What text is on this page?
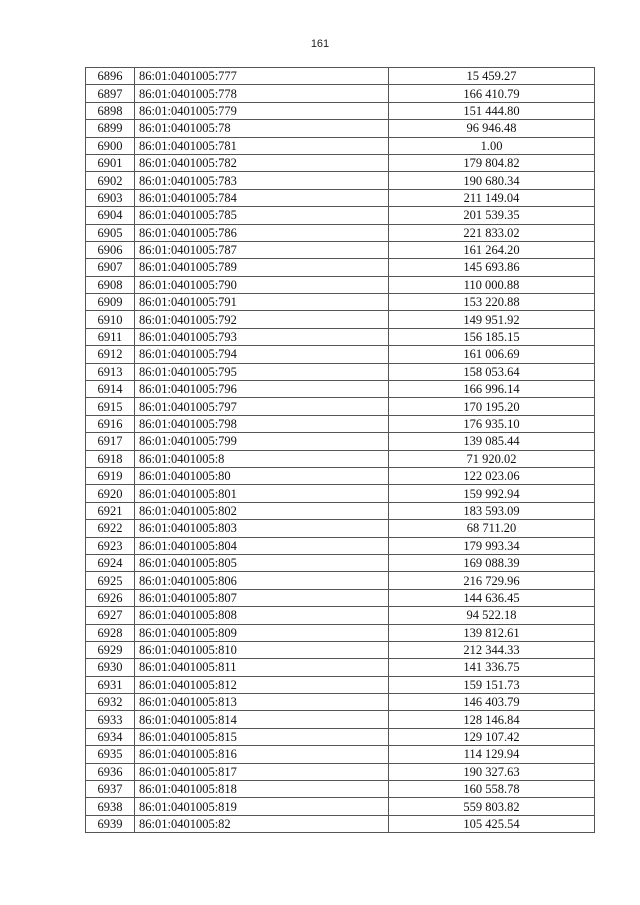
161
6896	86:01:0401005:777	15 459.27
6897	86:01:0401005:778	166 410.79
6898	86:01:0401005:779	151 444.80
6899	86:01:0401005:78	96 946.48
6900	86:01:0401005:781	1.00
6901	86:01:0401005:782	179 804.82
6902	86:01:0401005:783	190 680.34
6903	86:01:0401005:784	211 149.04
6904	86:01:0401005:785	201 539.35
6905	86:01:0401005:786	221 833.02
6906	86:01:0401005:787	161 264.20
6907	86:01:0401005:789	145 693.86
6908	86:01:0401005:790	110 000.88
6909	86:01:0401005:791	153 220.88
6910	86:01:0401005:792	149 951.92
6911	86:01:0401005:793	156 185.15
6912	86:01:0401005:794	161 006.69
6913	86:01:0401005:795	158 053.64
6914	86:01:0401005:796	166 996.14
6915	86:01:0401005:797	170 195.20
6916	86:01:0401005:798	176 935.10
6917	86:01:0401005:799	139 085.44
6918	86:01:0401005:8	71 920.02
6919	86:01:0401005:80	122 023.06
6920	86:01:0401005:801	159 992.94
6921	86:01:0401005:802	183 593.09
6922	86:01:0401005:803	68 711.20
6923	86:01:0401005:804	179 993.34
6924	86:01:0401005:805	169 088.39
6925	86:01:0401005:806	216 729.96
6926	86:01:0401005:807	144 636.45
6927	86:01:0401005:808	94 522.18
6928	86:01:0401005:809	139 812.61
6929	86:01:0401005:810	212 344.33
6930	86:01:0401005:811	141 336.75
6931	86:01:0401005:812	159 151.73
6932	86:01:0401005:813	146 403.79
6933	86:01:0401005:814	128 146.84
6934	86:01:0401005:815	129 107.42
6935	86:01:0401005:816	114 129.94
6936	86:01:0401005:817	190 327.63
6937	86:01:0401005:818	160 558.78
6938	86:01:0401005:819	559 803.82
6939	86:01:0401005:82	105 425.54
